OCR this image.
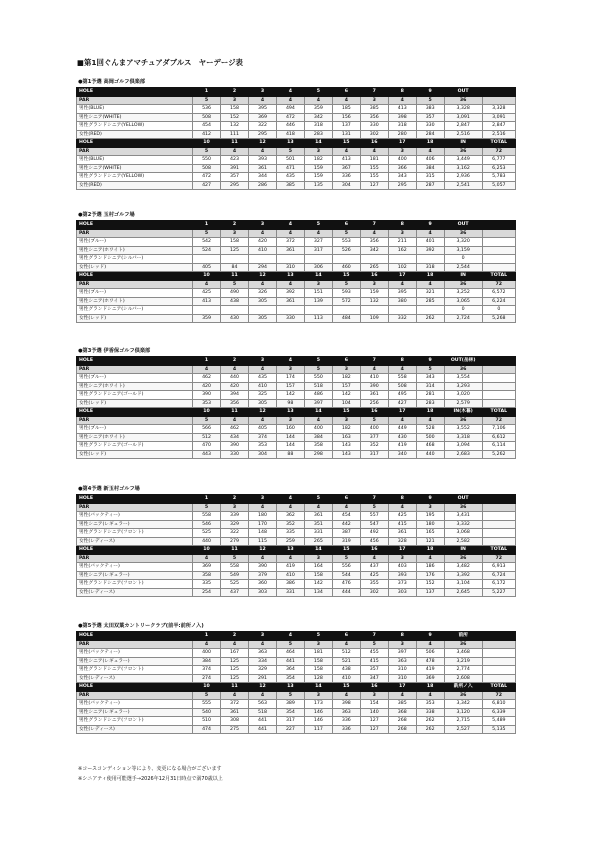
■第1回ぐんまアマチュアダブルス　ヤーデージ表
●第1予選 高岡ゴルフ倶楽部
HOLE	1	2	3	4	5	6	7	8	9	OUT	
PAR	5	3	4	4	4	4	3	4	5	36	
男性(BLUE)	536	158	395	494	359	185	385	413	383	3,328	3,328
男性シニア(WHITE)	508	152	369	472	342	156	356	398	357	3,091	3,091
男性グランドシニア(YELLOW)	454	132	322	446	318	137	330	318	330	2,847	2,847
女性(RED)	412	111	295	418	283	131	302	280	284	2,516	2,516
HOLE	10	11	12	13	14	15	16	17	18	IN	TOTAL
PAR	5	4	4	5	3	4	4	3	4	36	72
男性(BLUE)	550	423	393	501	182	413	181	400	406	3,449	6,777
男性シニア(WHITE)	508	391	361	471	159	367	155	366	384	3,162	6,253
男性グランドシニア(YELLOW)	472	357	344	435	159	336	155	343	315	2,936	5,783
女性(RED)	427	295	286	385	135	304	127	295	287	2,541	5,057
●第2予選 玉村ゴルフ場
HOLE	1	2	3	4	5	6	7	8	9	OUT	
PAR	5	3	4	4	4	5	4	3	4	36	
男性(ブルー)	542	158	420	372	327	553	356	211	401	3,320	
男性シニア(ホワイト)	524	125	410	361	317	526	342	162	392	3,159	
男性グランドシニア(シルバー)										0	
女性(レッド)	405	84	294	310	306	460	265	102	318	2,544	
HOLE	10	11	12	13	14	15	16	17	18	IN	TOTAL
PAR	4	5	4	4	3	5	3	4	4	36	72
男性(ブルー)	425	490	326	392	151	593	159	395	321	3,252	6,572
男性シニア(ホワイト)	413	438	305	361	139	572	132	380	285	3,065	6,224
男性グランドシニア(シルバー)										0	0
女性(レッド)	359	430	305	330	113	484	109	332	262	2,724	5,268
●第3予選 伊香保ゴルフ倶楽部
HOLE	1	2	3	4	5	6	7	8	9	OUT(岳林)	
PAR	4	4	4	3	5	3	4	4	5	36	
男性(ブルー)	462	440	435	174	550	182	410	558	343	3,554	
男性シニア(ホワイト)	420	420	410	157	518	157	390	508	314	3,293	
男性グランドシニア(ゴールド)	390	394	325	142	486	142	361	495	281	3,020	
女性(レッド)	353	356	305	98	397	104	256	427	283	2,579	
HOLE	10	11	12	13	14	15	16	17	18	IN(木暮)	TOTAL
PAR	5	4	4	3	4	3	5	4	4	36	72
男性(ブルー)	566	462	405	160	400	182	400	449	528	3,552	7,106
男性シニア(ホワイト)	512	434	374	144	384	163	377	430	500	3,318	6,612
男性グランドシニア(ゴールド)	470	390	353	144	358	143	352	419	468	3,094	6,114
女性(レッド)	443	330	304	88	298	143	317	340	440	2,683	5,262
●第4予選 新玉村ゴルフ場
HOLE	1	2	3	4	5	6	7	8	9	OUT	
PAR	5	3	4	4	4	4	5	4	3	36	
男性(バックティー)	558	339	180	362	361	454	557	425	195	3,431	
男性シニア(レギュラー)	546	329	170	352	351	442	547	415	180	3,332	
男性グランドシニア(フロント)	525	322	148	335	331	387	492	361	165	3,068	
女性(レディース)	440	279	115	259	265	319	456	328	121	2,582	
HOLE	10	11	12	13	14	15	16	17	18	IN	TOTAL
PAR	4	5	4	4	3	5	4	3	4	36	72
男性(バックティー)	369	558	390	419	164	556	437	403	186	3,482	6,913
男性シニア(レギュラー)	358	549	379	410	158	544	425	393	176	3,392	6,724
男性グランドシニア(フロント)	335	525	360	386	142	476	355	373	152	3,104	6,172
女性(レディース)	254	437	303	331	134	444	302	303	137	2,645	5,227
●第5予選 太田双葉カントリークラブ(前半:前所ノ入)
HOLE	1	2	3	4	5	6	7	8	9	前所	
PAR	4	4	4	5	3	4	5	3	4	36	
男性(バックティー)	400	167	363	464	181	512	455	397	506	3,468	
男性シニア(レギュラー)	384	125	334	441	158	521	415	363	478	3,219	
男性グランドシニア(フロント)	374	125	329	364	158	438	357	310	419	2,774	
女性(レディース)	274	125	291	354	128	410	347	310	369	2,608	
HOLE	10	11	12	13	14	15	16	17	18	新所ノ入	TOTAL
PAR	5	4	4	5	3	4	3	4	4	36	72
男性(バックティー)	555	372	563	389	173	398	154	385	353	3,342	6,810
男性シニア(レギュラー)	540	361	518	354	146	363	140	368	338	3,120	6,339
男性グランドシニア(フロント)	510	308	441	317	146	336	127	268	262	2,715	5,489
女性(レディース)	474	275	441	227	117	336	127	268	262	2,527	5,135
※コースコンディション等により、変更になる場合がございます
※シニアティ使用可能選手→2026年12月31日時点で満70歳以上
